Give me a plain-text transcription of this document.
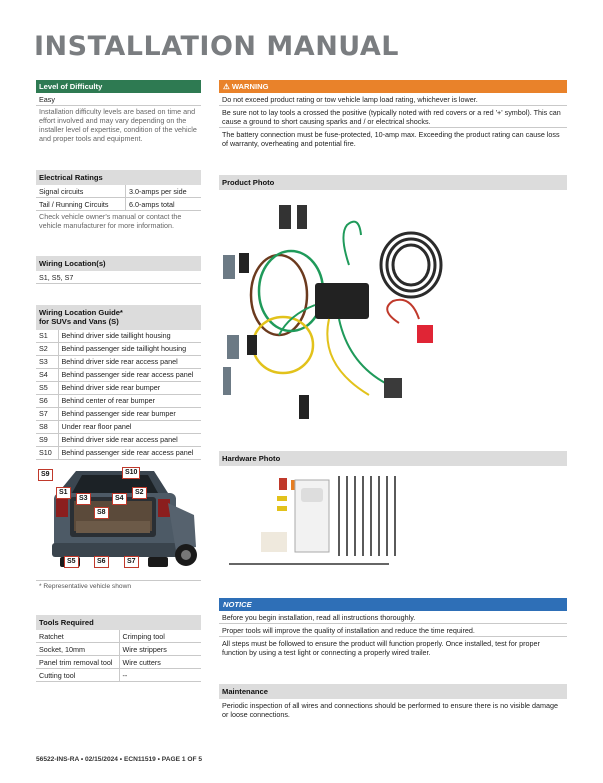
INSTALLATION MANUAL
Level of Difficulty
Easy
Installation difficulty levels are based on time and effort involved and may vary depending on the installer level of expertise, condition of the vehicle and proper tools and equipment.
Electrical Ratings
Signal circuits	3.0-amps per side
Tail / Running Circuits	6.0-amps total
Check vehicle owner's manual or contact the vehicle manufacturer for more information.
Wiring Location(s)
S1, S5, S7
Wiring Location Guide*
for SUVs and Vans (S)
S1	Behind driver side taillight housing
S2	Behind passenger side taillight housing
S3	Behind driver side rear access panel
S4	Behind passenger side rear access panel
S5	Behind driver side rear bumper
S6	Behind center of rear bumper
S7	Behind passenger side rear bumper
S8	Under rear floor panel
S9	Behind driver side rear access panel
S10	Behind passenger side rear access panel
S9	S10
S1
S3	S4
S2
S8
S5	S6	S7
* Representative vehicle shown
Tools Required
Ratchet	Crimping tool
Socket, 10mm	Wire strippers
Panel trim removal tool	Wire cutters
Cutting tool	--
⚠ WARNING
Do not exceed product rating or tow vehicle lamp load rating, whichever is lower.
Be sure not to lay tools a crossed the positive (typically noted with red covers or a red '+' symbol). This can cause a ground to short causing sparks and / or electrical shocks.
The battery connection must be fuse-protected, 10-amp max. Exceeding the product rating can cause loss of warranty, overheating and potential fire.
Product Photo
Hardware Photo
NOTICE
Before you begin installation, read all instructions thoroughly.
Proper tools will improve the quality of installation and reduce the time required.
All steps must be followed to ensure the product will function properly. Once installed, test for proper function by using a test light or connecting a properly wired trailer.
Maintenance
Periodic inspection of all wires and connections should be performed to ensure there is no visible damage or loose connections.
56522-INS-RA • 02/15/2024 • ECN11519 • PAGE 1 OF 5
